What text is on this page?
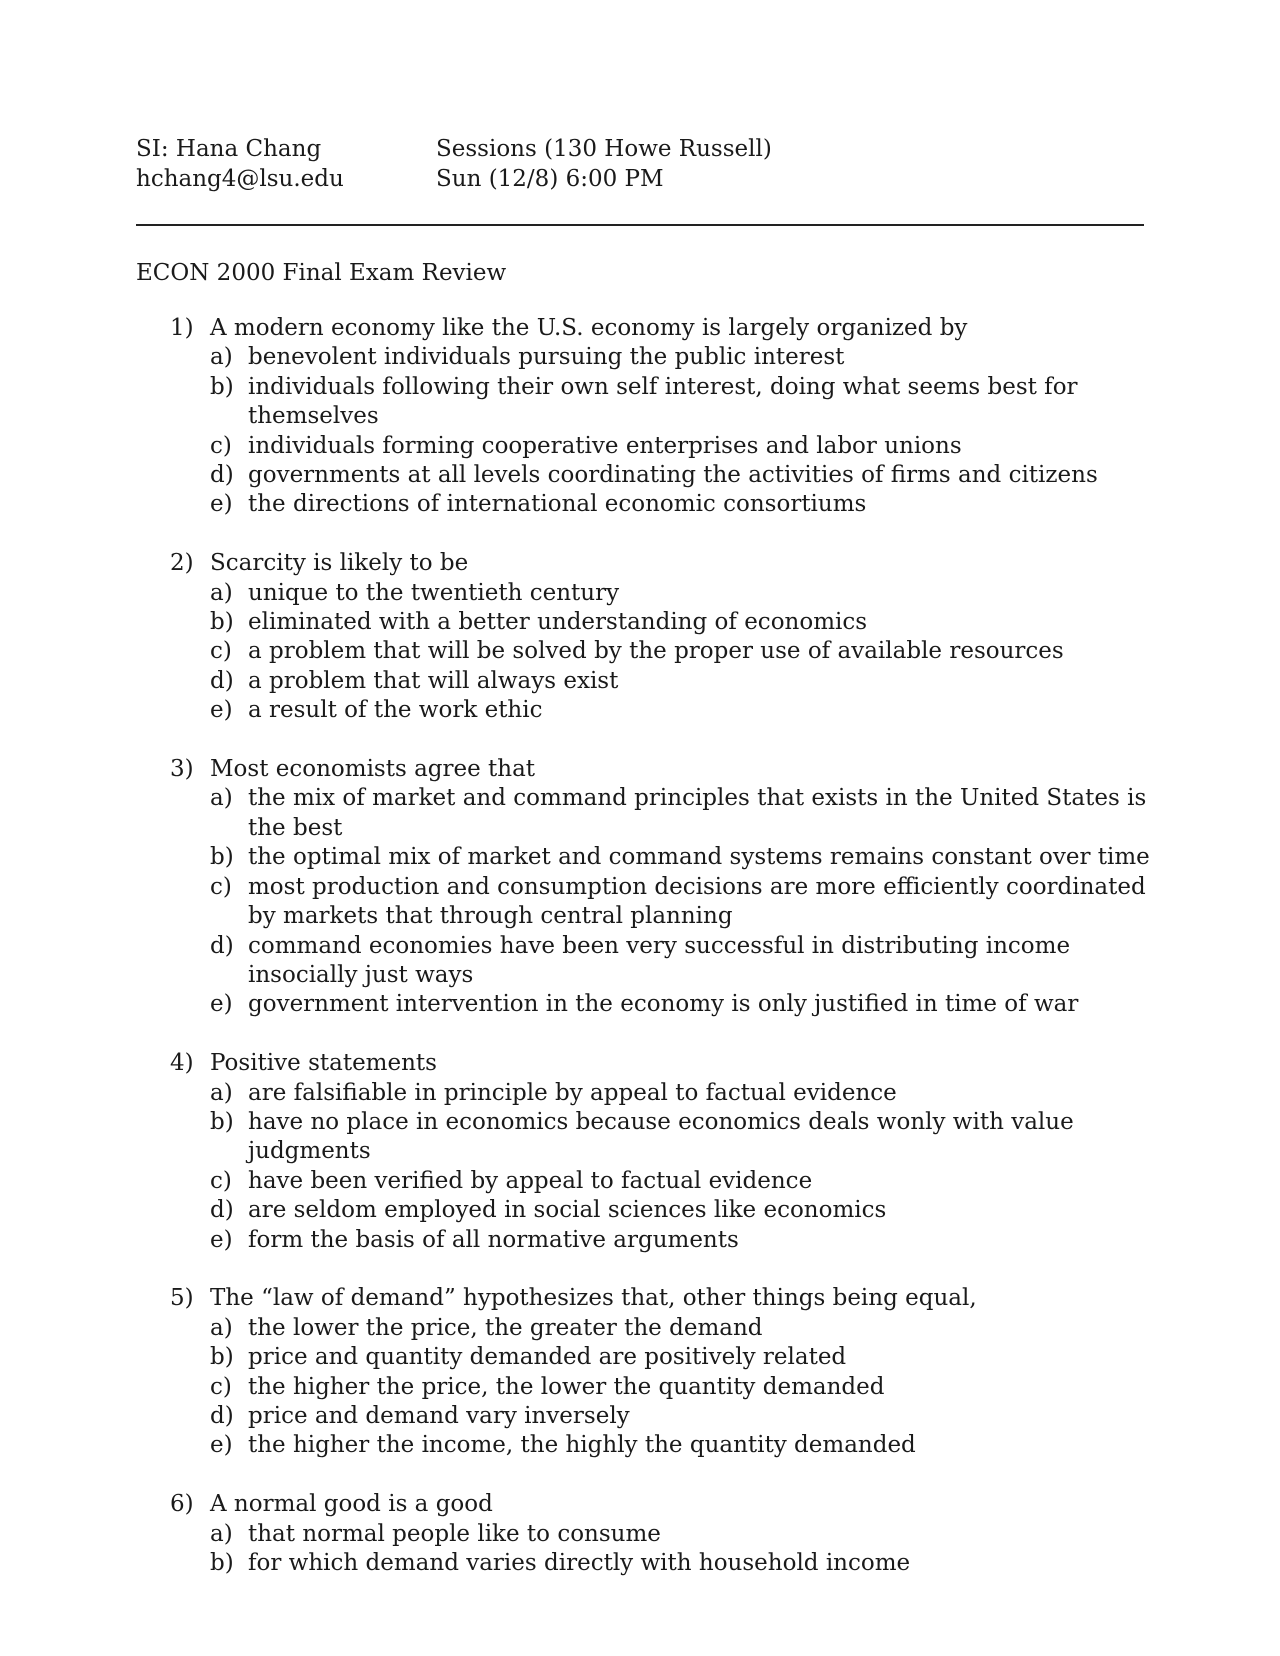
SI: Hana Chang
hchang4@lsu.edu
Sessions (130 Howe Russell)
Sun (12/8) 6:00 PM
ECON 2000 Final Exam Review
1) A modern economy like the U.S. economy is largely organized by
a) benevolent individuals pursuing the public interest
b) individuals following their own self interest, doing what seems best for themselves
c) individuals forming cooperative enterprises and labor unions
d) governments at all levels coordinating the activities of firms and citizens
e) the directions of international economic consortiums
2) Scarcity is likely to be
a) unique to the twentieth century
b) eliminated with a better understanding of economics
c) a problem that will be solved by the proper use of available resources
d) a problem that will always exist
e) a result of the work ethic
3) Most economists agree that
a) the mix of market and command principles that exists in the United States is the best
b) the optimal mix of market and command systems remains constant over time
c) most production and consumption decisions are more efficiently coordinated by markets that through central planning
d) command economies have been very successful in distributing income insocially just ways
e) government intervention in the economy is only justified in time of war
4) Positive statements
a) are falsifiable in principle by appeal to factual evidence
b) have no place in economics because economics deals wonly with value judgments
c) have been verified by appeal to factual evidence
d) are seldom employed in social sciences like economics
e) form the basis of all normative arguments
5) The “law of demand” hypothesizes that, other things being equal,
a) the lower the price, the greater the demand
b) price and quantity demanded are positively related
c) the higher the price, the lower the quantity demanded
d) price and demand vary inversely
e) the higher the income, the highly the quantity demanded
6) A normal good is a good
a) that normal people like to consume
b) for which demand varies directly with household income
